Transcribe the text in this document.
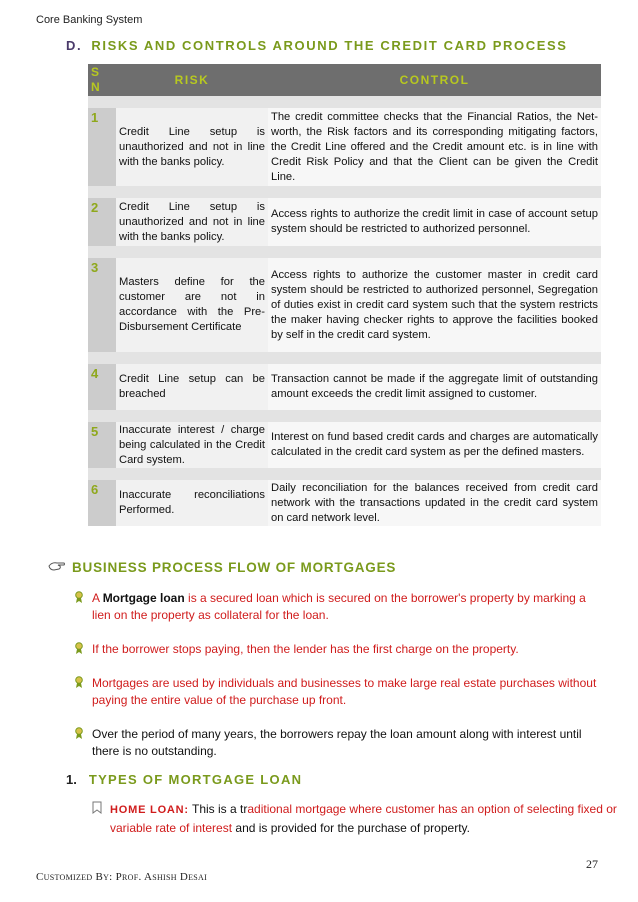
Core Banking System
D. RISKS AND CONTROLS AROUND THE CREDIT CARD PROCESS
S N	RISK	CONTROL

1	Credit Line setup is unauthorized and not in line with the banks policy.	The credit committee checks that the Financial Ratios, the Net-worth, the Risk factors and its corresponding mitigating factors, the Credit Line offered and the Credit amount etc. is in line with Credit Risk Policy and that the Client can be given the Credit Line.

2	Credit Line setup is unauthorized and not in line with the banks policy.	Access rights to authorize the credit limit in case of account setup system should be restricted to authorized personnel.

3	Masters define for the customer are not in accordance with the Pre-Disbursement Certificate	Access rights to authorize the customer master in credit card system should be restricted to authorized personnel, Segregation of duties exist in credit card system such that the system restricts the maker having checker rights to approve the facilities booked by self in the credit card system.

4	Credit Line setup can be breached	Transaction cannot be made if the aggregate limit of outstanding amount exceeds the credit limit assigned to customer.

5	Inaccurate interest / charge being calculated in the Credit Card system.	Interest on fund based credit cards and charges are automatically calculated in the credit card system as per the defined masters.

6	Inaccurate reconciliations Performed.	Daily reconciliation for the balances received from credit card network with the transactions updated in the credit card system on card network level.
BUSINESS PROCESS FLOW OF MORTGAGES
A Mortgage loan is a secured loan which is secured on the borrower's property by marking a lien on the property as collateral for the loan.
If the borrower stops paying, then the lender has the first charge on the property.
Mortgages are used by individuals and businesses to make large real estate purchases without paying the entire value of the purchase up front.
Over the period of many years, the borrowers repay the loan amount along with interest until there is no outstanding.
1. TYPES OF MORTGAGE LOAN
HOME LOAN: This is a traditional mortgage where customer has an option of selecting fixed or variable rate of interest and is provided for the purchase of property.
27
Customized By: Prof. Ashish Desai
